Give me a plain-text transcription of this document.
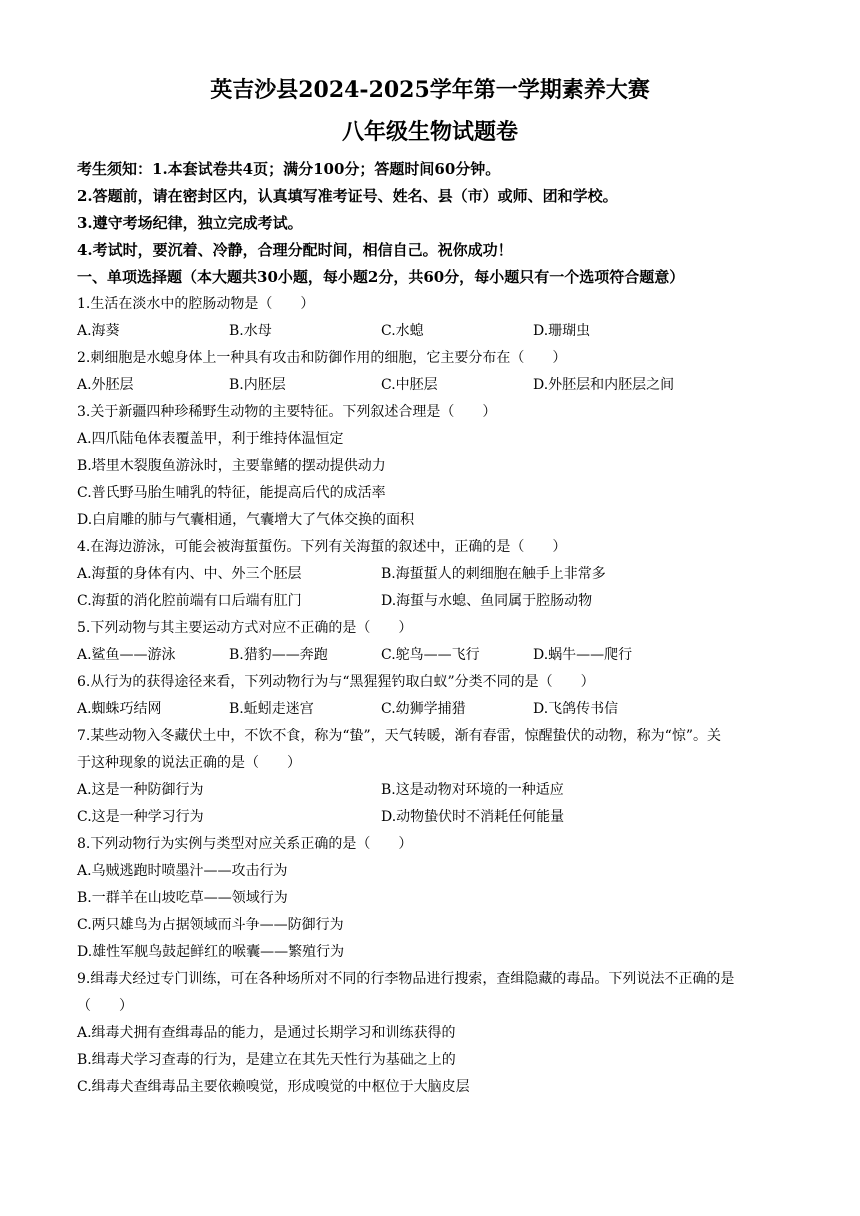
英吉沙县2024-2025学年第一学期素养大赛
八年级生物试题卷
考生须知：1.本套试卷共4页；满分100分；答题时间60分钟。
2.答题前，请在密封区内，认真填写准考证号、姓名、县（市）或师、团和学校。
3.遵守考场纪律，独立完成考试。
4.考试时，要沉着、冷静，合理分配时间，相信自己。祝你成功！
一、单项选择题（本大题共30小题，每小题2分，共60分，每小题只有一个选项符合题意）
1.生活在淡水中的腔肠动物是（　　）
A.海葵	B.水母	C.水螅	D.珊瑚虫
2.刺细胞是水螅身体上一种具有攻击和防御作用的细胞，它主要分布在（　　）
A.外胚层	B.内胚层	C.中胚层	D.外胚层和内胚层之间
3.关于新疆四种珍稀野生动物的主要特征。下列叙述合理是（　　）
A.四爪陆龟体表覆盖甲，利于维持体温恒定
B.塔里木裂腹鱼游泳时，主要靠鳍的摆动提供动力
C.普氏野马胎生哺乳的特征，能提高后代的成活率
D.白肩雕的肺与气囊相通，气囊增大了气体交换的面积
4.在海边游泳，可能会被海蜇蜇伤。下列有关海蜇的叙述中，正确的是（　　）
A.海蜇的身体有内、中、外三个胚层	B.海蜇蜇人的刺细胞在触手上非常多
C.海蜇的消化腔前端有口后端有肛门	D.海蜇与水螅、鱼同属于腔肠动物
5.下列动物与其主要运动方式对应不正确的是（　　）
A.鲨鱼——游泳	B.猎豹——奔跑	C.鸵鸟——飞行	D.蜗牛——爬行
6.从行为的获得途径来看，下列动物行为与“黑猩猩钓取白蚁”分类不同的是（　　）
A.蜘蛛巧结网	B.蚯蚓走迷宫	C.幼狮学捕猎	D.飞鸽传书信
7.某些动物入冬藏伏土中，不饮不食，称为“蛰”，天气转暖，渐有春雷，惊醒蛰伏的动物，称为“惊”。关
于这种现象的说法正确的是（　　）
A.这是一种防御行为	B.这是动物对环境的一种适应
C.这是一种学习行为	D.动物蛰伏时不消耗任何能量
8.下列动物行为实例与类型对应关系正确的是（　　）
A.乌贼逃跑时喷墨汁——攻击行为
B.一群羊在山坡吃草——领域行为
C.两只雄鸟为占据领域而斗争——防御行为
D.雄性军舰鸟鼓起鲜红的喉囊——繁殖行为
9.缉毒犬经过专门训练，可在各种场所对不同的行李物品进行搜索，查缉隐藏的毒品。下列说法不正确的是
（　　）
A.缉毒犬拥有查缉毒品的能力，是通过长期学习和训练获得的
B.缉毒犬学习查毒的行为，是建立在其先天性行为基础之上的
C.缉毒犬查缉毒品主要依赖嗅觉，形成嗅觉的中枢位于大脑皮层
